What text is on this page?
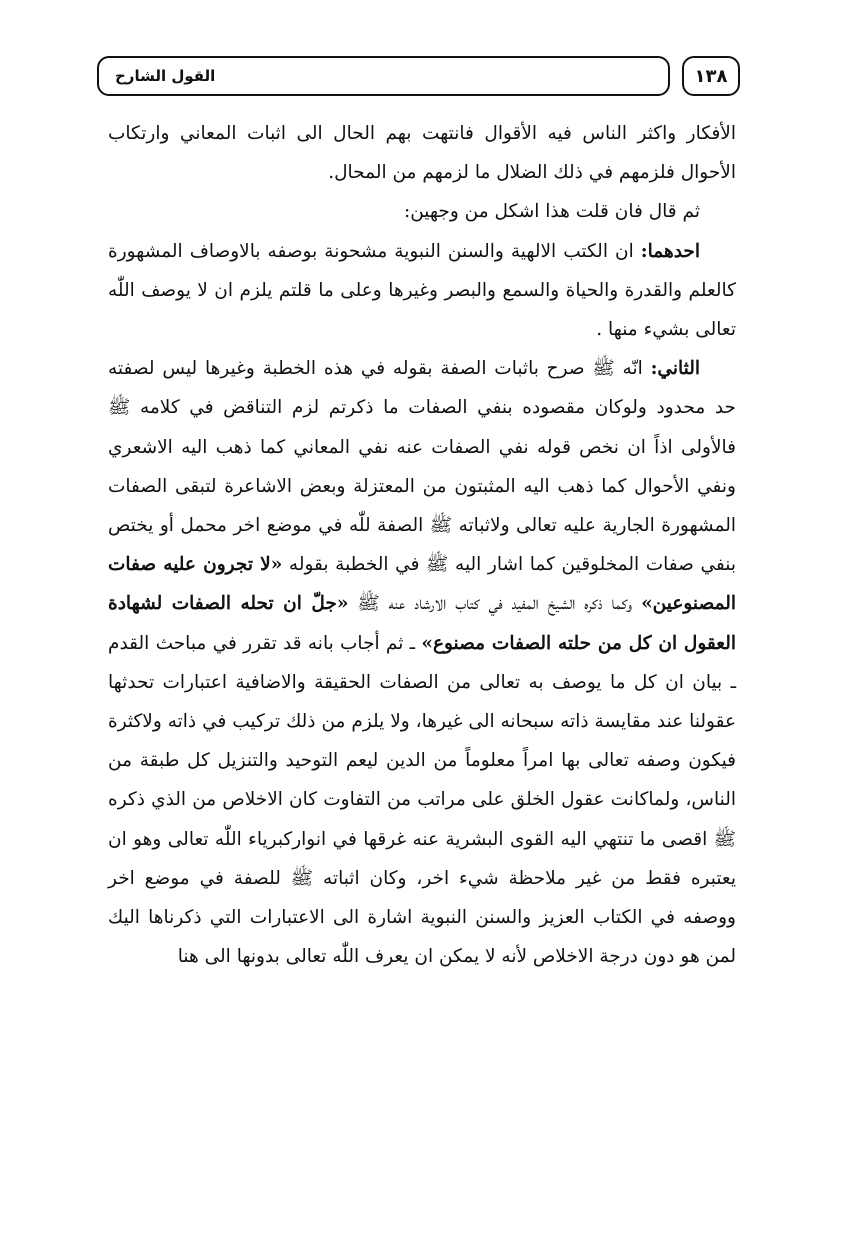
القول الشارح	١٣٨

الأفكار واكثر الناس فيه الأقوال فانتهت بهم الحال الى اثبات المعاني وارتكاب الأحوال فلزمهم في ذلك الضلال ما لزمهم من المحال.

ثم قال فان قلت هذا اشكل من وجهين:

احدهما: ان الكتب الالهية والسنن النبوية مشحونة بوصفه بالاوصاف المشهورة كالعلم والقدرة والحياة والسمع والبصر وغيرها وعلى ما قلتم يلزم ان لا يوصف اللّٰه تعالى بشيء منها .

الثاني: انّه ﷺ صرح باثبات الصفة بقوله في هذه الخطبة وغيرها ليس لصفته حد محدود ولوكان مقصوده بنفي الصفات ما ذكرتم لزم التناقض في كلامه ﷺ فالأولى اذاً ان نخص قوله نفي الصفات عنه نفي المعاني كما ذهب اليه الاشعري ونفي الأحوال كما ذهب اليه المثبتون من المعتزلة وبعض الاشاعرة لتبقى الصفات المشهورة الجارية عليه تعالى ولاثباته ﷺ الصفة للّٰه في موضع اخر محمل أو يختص بنفي صفات المخلوقين كما اشار اليه ﷺ في الخطبة بقوله «لا تجرون عليه صفات المصنوعين» وكما ذكره الشيخ المفيد في كتاب الارشاد عنه ﷺ «جلّ ان تحله الصفات لشهادة العقول ان كل من حلته الصفات مصنوع» ـ ثم أجاب بانه قد تقرر في مباحث القدم ـ بيان ان كل ما يوصف به تعالى من الصفات الحقيقة والاضافية اعتبارات تحدثها عقولنا عند مقايسة ذاته سبحانه الى غيرها، ولا يلزم من ذلك تركيب في ذاته ولاكثرة فيكون وصفه تعالى بها امراً معلوماً من الدين ليعم التوحيد والتنزيل كل طبقة من الناس، ولماكانت عقول الخلق على مراتب من التفاوت كان الاخلاص من الذي ذكره ﷺ اقصى ما تنتهي اليه القوى البشرية عنه غرقها في انواركبرياء اللّٰه تعالى وهو ان يعتبره فقط من غير ملاحظة شيء اخر، وكان اثباته ﷺ للصفة في موضع اخر ووصفه في الكتاب العزيز والسنن النبوية اشارة الى الاعتبارات التي ذكرناها اليك لمن هو دون درجة الاخلاص لأنه لا يمكن ان يعرف اللّٰه تعالى بدونها الى هنا
